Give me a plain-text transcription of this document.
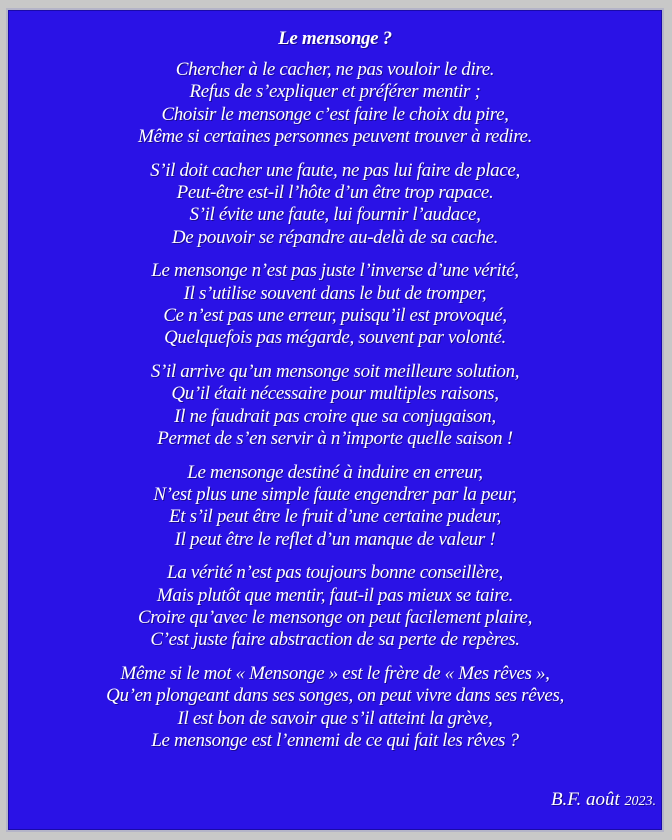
Le mensonge ?
Chercher à le cacher, ne pas vouloir le dire.
Refus de s’expliquer et préférer mentir ;
Choisir le mensonge c’est faire le choix du pire,
Même si certaines personnes peuvent trouver à redire.
S’il doit cacher une faute, ne pas lui faire de place,
Peut-être est-il l’hôte d’un être trop rapace.
S’il évite une faute, lui fournir l’audace,
De pouvoir se répandre au-delà de sa cache.
Le mensonge n’est pas juste l’inverse d’une vérité,
Il s’utilise souvent dans le but de tromper,
Ce n’est pas une erreur, puisqu’il est provoqué,
Quelquefois pas mégarde, souvent par volonté.
S’il arrive qu’un mensonge soit meilleure solution,
Qu’il était nécessaire pour multiples raisons,
Il ne faudrait pas croire que sa conjugaison,
Permet de s’en servir à n’importe quelle saison !
Le mensonge destiné à induire en erreur,
N’est plus une simple faute engendrer par la peur,
Et s’il peut être le fruit d’une certaine pudeur,
Il peut être le reflet d’un manque de valeur !
La vérité n’est pas toujours bonne conseillère,
Mais plutôt que mentir, faut-il pas mieux se taire.
Croire qu’avec le mensonge on peut facilement plaire,
C’est juste faire abstraction de sa perte de repères.
Même si le mot « Mensonge » est le frère de « Mes rêves »,
Qu’en plongeant dans ses songes, on peut vivre dans ses rêves,
Il est bon de savoir que s’il atteint la grève,
Le mensonge est l’ennemi de ce qui fait les rêves ?
B.F. août 2023.
